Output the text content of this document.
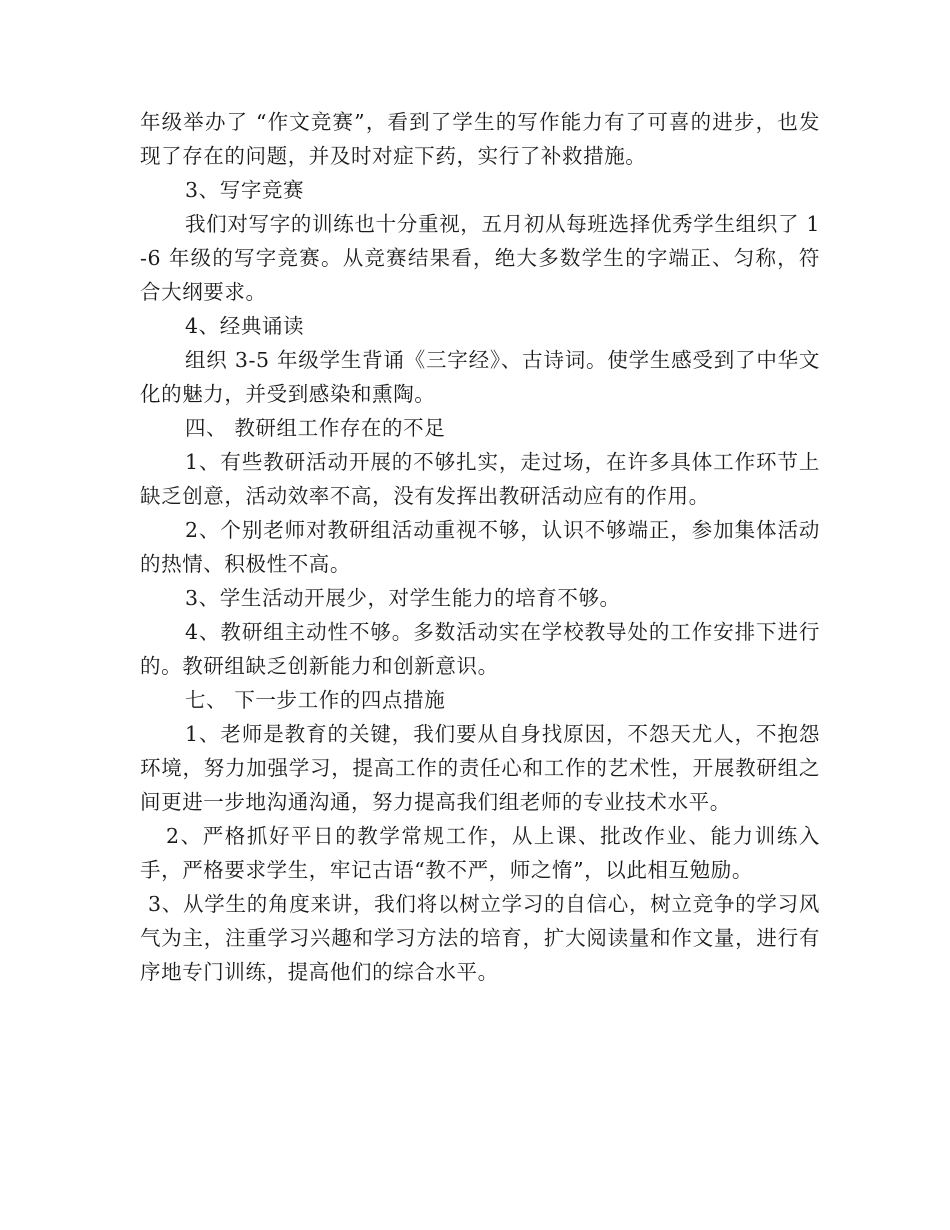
年级举办了 “作文竞赛”，看到了学生的写作能力有了可喜的进步，也发现了存在的问题，并及时对症下药，实行了补救措施。

3、写字竞赛

我们对写字的训练也十分重视，五月初从每班选择优秀学生组织了 1-6 年级的写字竞赛。从竞赛结果看，绝大多数学生的字端正、匀称，符合大纲要求。

4、经典诵读

组织 3-5 年级学生背诵《三字经》、古诗词。使学生感受到了中华文化的魅力，并受到感染和熏陶。

四、 教研组工作存在的不足

1、有些教研活动开展的不够扎实，走过场，在许多具体工作环节上缺乏创意，活动效率不高，没有发挥出教研活动应有的作用。

2、个别老师对教研组活动重视不够，认识不够端正，参加集体活动的热情、积极性不高。

3、学生活动开展少，对学生能力的培育不够。

4、教研组主动性不够。多数活动实在学校教导处的工作安排下进行的。教研组缺乏创新能力和创新意识。

七、 下一步工作的四点措施

1、老师是教育的关键，我们要从自身找原因，不怨天尤人，不抱怨环境，努力加强学习，提高工作的责任心和工作的艺术性，开展教研组之间更进一步地沟通沟通，努力提高我们组老师的专业技术水平。

2、严格抓好平日的教学常规工作，从上课、批改作业、能力训练入手，严格要求学生，牢记古语“教不严，师之惰”，以此相互勉励。

3、从学生的角度来讲，我们将以树立学习的自信心，树立竞争的学习风气为主，注重学习兴趣和学习方法的培育，扩大阅读量和作文量，进行有序地专门训练，提高他们的综合水平。
